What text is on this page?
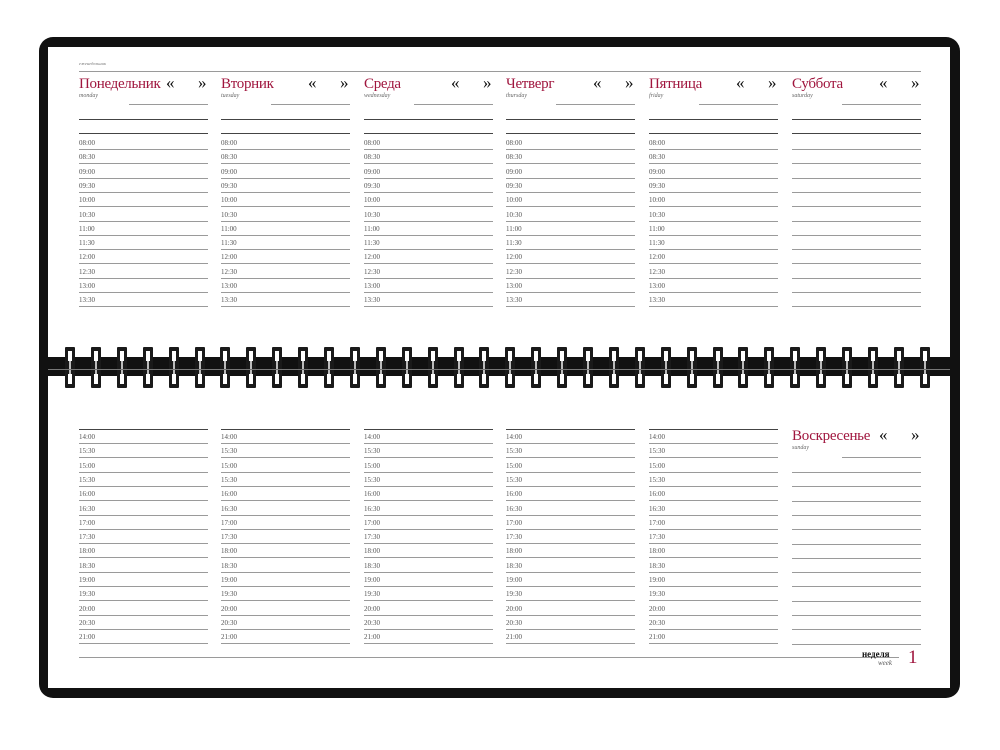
еженедельник
Понедельник
monday
« » Вторник
tuesday
« » Среда
wednesday
« » Четверг
thursday
« » Пятница
friday
« » Суббота
saturday
« »
08:00
08:30
09:00
09:30
10:00
10:30
11:00
11:30
12:00
12:30
13:00
13:30
08:00
08:30
09:00
09:30
10:00
10:30
11:00
11:30
12:00
12:30
13:00
13:30
08:00
08:30
09:00
09:30
10:00
10:30
11:00
11:30
12:00
12:30
13:00
13:30
08:00
08:30
09:00
09:30
10:00
10:30
11:00
11:30
12:00
12:30
13:00
13:30
08:00
08:30
09:00
09:30
10:00
10:30
11:00
11:30
12:00
12:30
13:00
13:30
14:00
15:30
15:00
15:30
16:00
16:30
17:00
17:30
18:00
18:30
19:00
19:30
20:00
20:30
21:00
14:00
15:30
15:00
15:30
16:00
16:30
17:00
17:30
18:00
18:30
19:00
19:30
20:00
20:30
21:00
14:00
15:30
15:00
15:30
16:00
16:30
17:00
17:30
18:00
18:30
19:00
19:30
20:00
20:30
21:00
14:00
15:30
15:00
15:30
16:00
16:30
17:00
17:30
18:00
18:30
19:00
19:30
20:00
20:30
21:00
14:00
15:30
15:00
15:30
16:00
16:30
17:00
17:30
18:00
18:30
19:00
19:30
20:00
20:30
21:00
Воскресенье
sunday
« »
неделя
week 1
